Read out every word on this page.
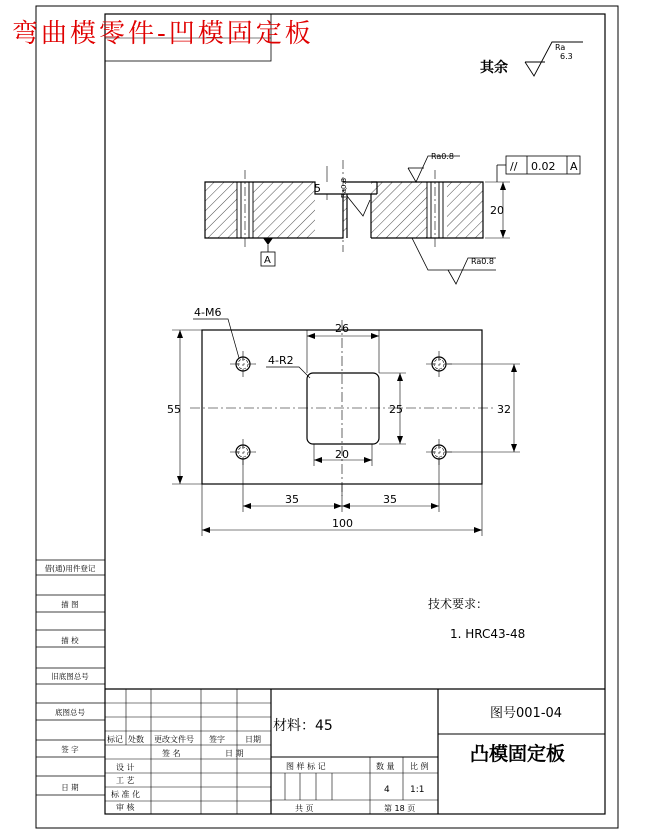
借(通)用件登记
描 图
描 校
旧底图总号
底图总号
签 字
日 期
弯曲模零件-凹模固定板
其余
Ra
6.3
5	Ra0.8
Ra0.8
Ra0.8
20
// 0.02 A
A
4-M6
4-R2
26
55	25	32
20
35	35
100
技术要求：
1. HRC43-48
材料：45
图号001-04
凸模固定板
标记 处数 更改文件号 签字	日期
签 名	日 期
设 计
工 艺
标 准 化
审 核
图 样 标 记	数 量 比 例
4 1:1
共 页	第 18 页
